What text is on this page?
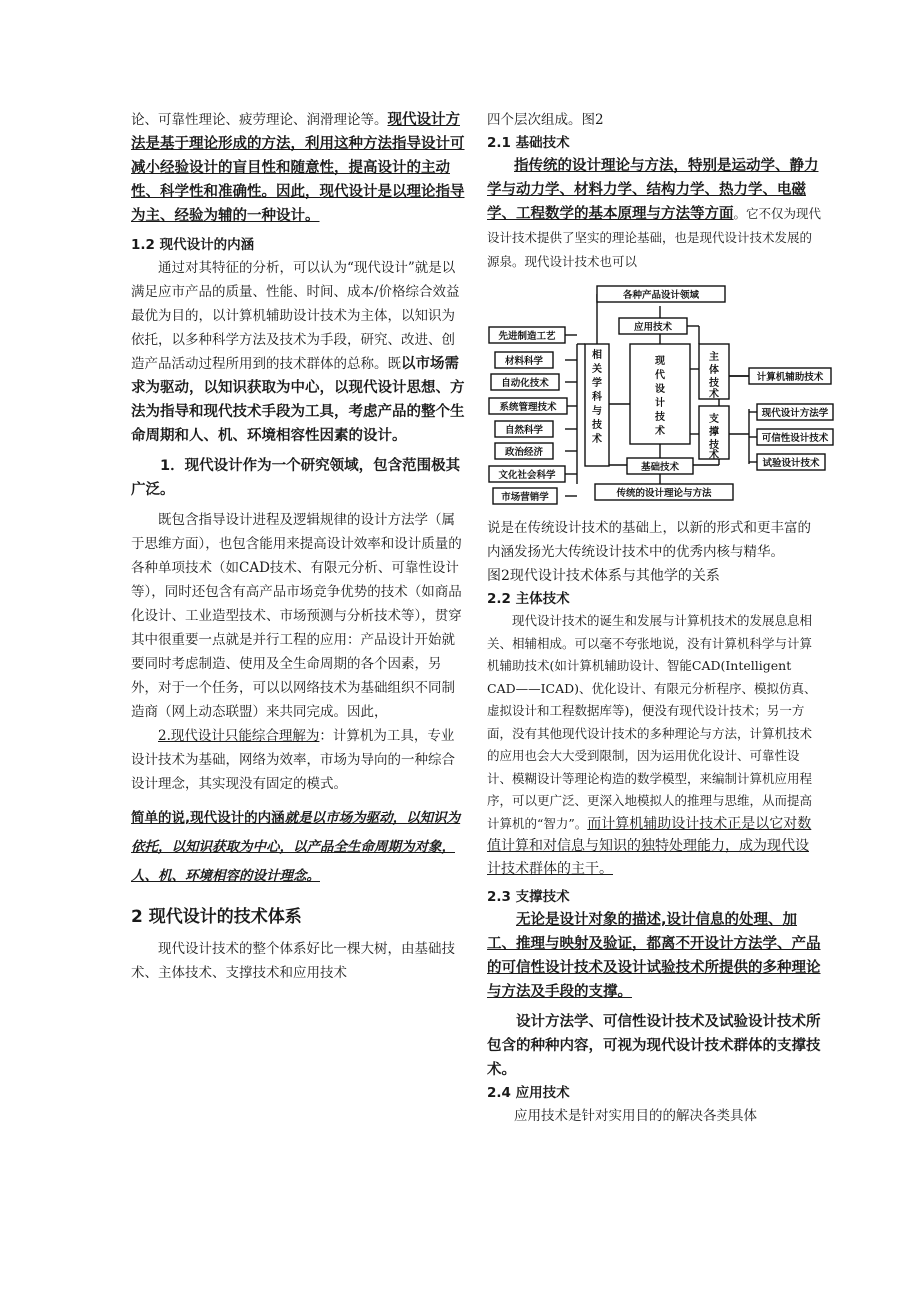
论、可靠性理论、疲劳理论、润滑理论等。现代设计方法是基于理论形成的方法，利用这种方法指导设计可减小经验设计的盲目性和随意性，提高设计的主动性、科学性和准确性。因此，现代设计是以理论指导为主、经验为辅的一种设计。

1.2 现代设计的内涵

通过对其特征的分析，可以认为“现代设计”就是以满足应市产品的质量、性能、时间、成本/价格综合效益最优为目的，以计算机辅助设计技术为主体，以知识为依托，以多种科学方法及技术为手段，研究、改进、创造产品活动过程所用到的技术群体的总称。既以市场需求为驱动，以知识获取为中心，以现代设计思想、方法为指导和现代技术手段为工具，考虑产品的整个生命周期和人、机、环境相容性因素的设计。

1．现代设计作为一个研究领域，包含范围极其广泛。

既包含指导设计进程及逻辑规律的设计方法学（属于思维方面），也包含能用来提高设计效率和设计质量的各种单项技术（如CAD技术、有限元分析、可靠性设计等），同时还包含有高产品市场竞争优势的技术（如商品化设计、工业造型技术、市场预测与分析技术等），贯穿其中很重要一点就是并行工程的应用：产品设计开始就要同时考虑制造、使用及全生命周期的各个因素，另外，对于一个任务，可以以网络技术为基础组织不同制造商（网上动态联盟）来共同完成。因此，

2.现代设计只能综合理解为：计算机为工具，专业设计技术为基础，网络为效率，市场为导向的一种综合设计理念，其实现没有固定的模式。

简单的说,现代设计的内涵就是以市场为驱动，以知识为依托，以知识获取为中心，以产品全生命周期为对象，人、机、环境相容的设计理念。

2 现代设计的技术体系

现代设计技术的整个体系好比一棵大树，由基础技术、主体技术、支撑技术和应用技术

四个层次组成。图2

2.1 基础技术

指传统的设计理论与方法，特别是运动学、静力学与动力学、材料力学、结构力学、热力学、电磁学、工程数学的基本原理与方法等方面。它不仅为现代设计技术提供了坚实的理论基础，也是现代设计技术发展的源泉。现代设计技术也可以

各种产品设计领域
应用技术
相
关
学
科
与
技
术
现
代
设
计
技
术
主
体
技
术
支
撑
技
术
基础技术
传统的设计理论与方法
先进制造工艺
材料科学
自动化技术
系统管理技术
自然科学
政治经济
文化社会科学
市场营销学
计算机辅助技术
现代设计方法学
可信性设计技术
试验设计技术

说是在传统设计技术的基础上，以新的形式和更丰富的内涵发扬光大传统设计技术中的优秀内核与精华。

图2现代设计技术体系与其他学的关系

2.2 主体技术

现代设计技术的诞生和发展与计算机技术的发展息息相关、相辅相成。可以毫不夸张地说，没有计算机科学与计算机辅助技术(如计算机辅助设计、智能CAD(Intelligent CAD——ICAD)、优化设计、有限元分析程序、模拟仿真、虚拟设计和工程数据库等)，便没有现代设计技术；另一方面，没有其他现代设计技术的多种理论与方法，计算机技术的应用也会大大受到限制，因为运用优化设计、可靠性设计、模糊设计等理论构造的数学模型，来编制计算机应用程序，可以更广泛、更深入地模拟人的推理与思维，从而提高计算机的“智力”。而计算机辅助设计技术正是以它对数值计算和对信息与知识的独特处理能力，成为现代设计技术群体的主干。

2.3 支撑技术

无论是设计对象的描述,设计信息的处理、加工、推理与映射及验证，都离不开设计方法学、产品的可信性设计技术及设计试验技术所提供的多种理论与方法及手段的支撑。

设计方法学、可信性设计技术及试验设计技术所包含的种种内容，可视为现代设计技术群体的支撑技术。

2.4 应用技术

应用技术是针对实用目的的解决各类具体
